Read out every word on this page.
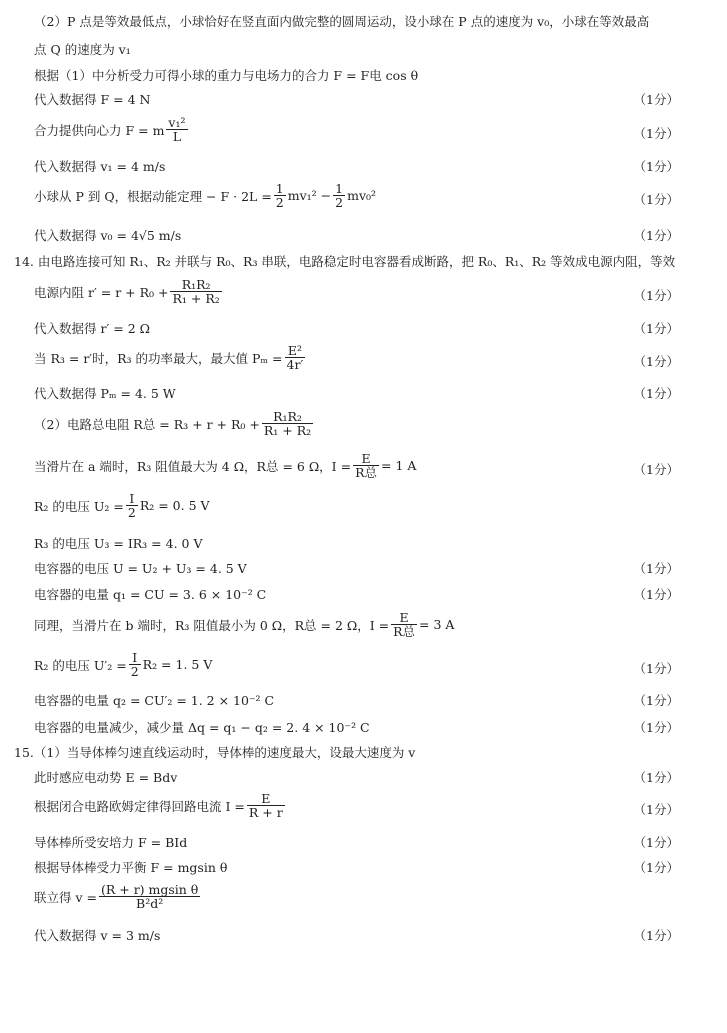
（2）P 点是等效最低点，小球恰好在竖直面内做完整的圆周运动，设小球在 P 点的速度为 v₀，小球在等效最高
点 Q 的速度为 v₁
根据（1）中分析受力可得小球的重力与电场力的合力 F = F电 cos θ
代入数据得 F = 4 N	（1分）
合力提供向心力 F = m $\frac{\text{v₁²}}{L}$	（1分）
代入数据得 v₁ = 4 m/s	（1分）
小球从 P 到 Q，根据动能定理 − $F \cdot 2L = \frac{1}{2} mv_1^2 - \frac{1}{2} mv_0^2$	（1分）
代入数据得 v₀ = 4√5 m/s	（1分）
14. 由电路连接可知 R₁、R₂ 并联与 R₀、R₃ 串联，电路稳定时电容器看成断路，把 R₀、R₁、R₂ 等效成电源内阻，等效
电源内阻 $r' = r + R_0 + \frac{\text{R₁R₂}}{\text{R₁ + R₂}}$	（1分）
代入数据得 r′ = 2 Ω	（1分）
当 R₃ = r′时，R₃ 的功率最大，最大值 $P_m = \frac{\text{E²}}{4r'}$	（1分）
代入数据得 Pₘ = 4. 5 W	（1分）
（2）电路总电阻 R总 = $R_3 + r + R_0 + \frac{\text{R₁R₂}}{\text{R₁ + R₂}}$
当滑片在 a 端时，R₃ 阻值最大为 4 Ω，R总 = 6 Ω，$I = \frac{E}{\text{R总}} = 1$ A	（1分）
R₂ 的电压 $U_2 = \frac{I}{2} R_2 = 0$. 5 V
R₃ 的电压 U₃ = IR₃ = 4. 0 V
电容器的电压 U = U₂ + U₃ = 4. 5 V	（1分）
电容器的电量 q₁ = CU = 3. 6 × 10⁻² C	（1分）
同理，当滑片在 b 端时，R₃ 阻值最小为 0 Ω，R总 = 2 Ω，$I = \frac{E}{\text{R总}} = 3$ A
R₂ 的电压 $U'_2 = \frac{I}{2} R_2 = 1$. 5 V	（1分）
电容器的电量 q₂ = CU′₂ = 1. 2 × 10⁻² C	（1分）
电容器的电量减少，减少量 Δq = q₁ − q₂ = 2. 4 × 10⁻² C	（1分）
15.（1）当导体棒匀速直线运动时，导体棒的速度最大，设最大速度为 v
此时感应电动势 E = Bdv	（1分）
根据闭合电路欧姆定律得回路电流 $I = \frac{E}{R + r}$	（1分）
导体棒所受安培力 F = BId	（1分）
根据导体棒受力平衡 F = mgsin θ	（1分）
联立得 $v = \frac{\text{(R + r) mgsin θ}}{\text{B²d²}}$
代入数据得 v = 3 m/s	（1分）
